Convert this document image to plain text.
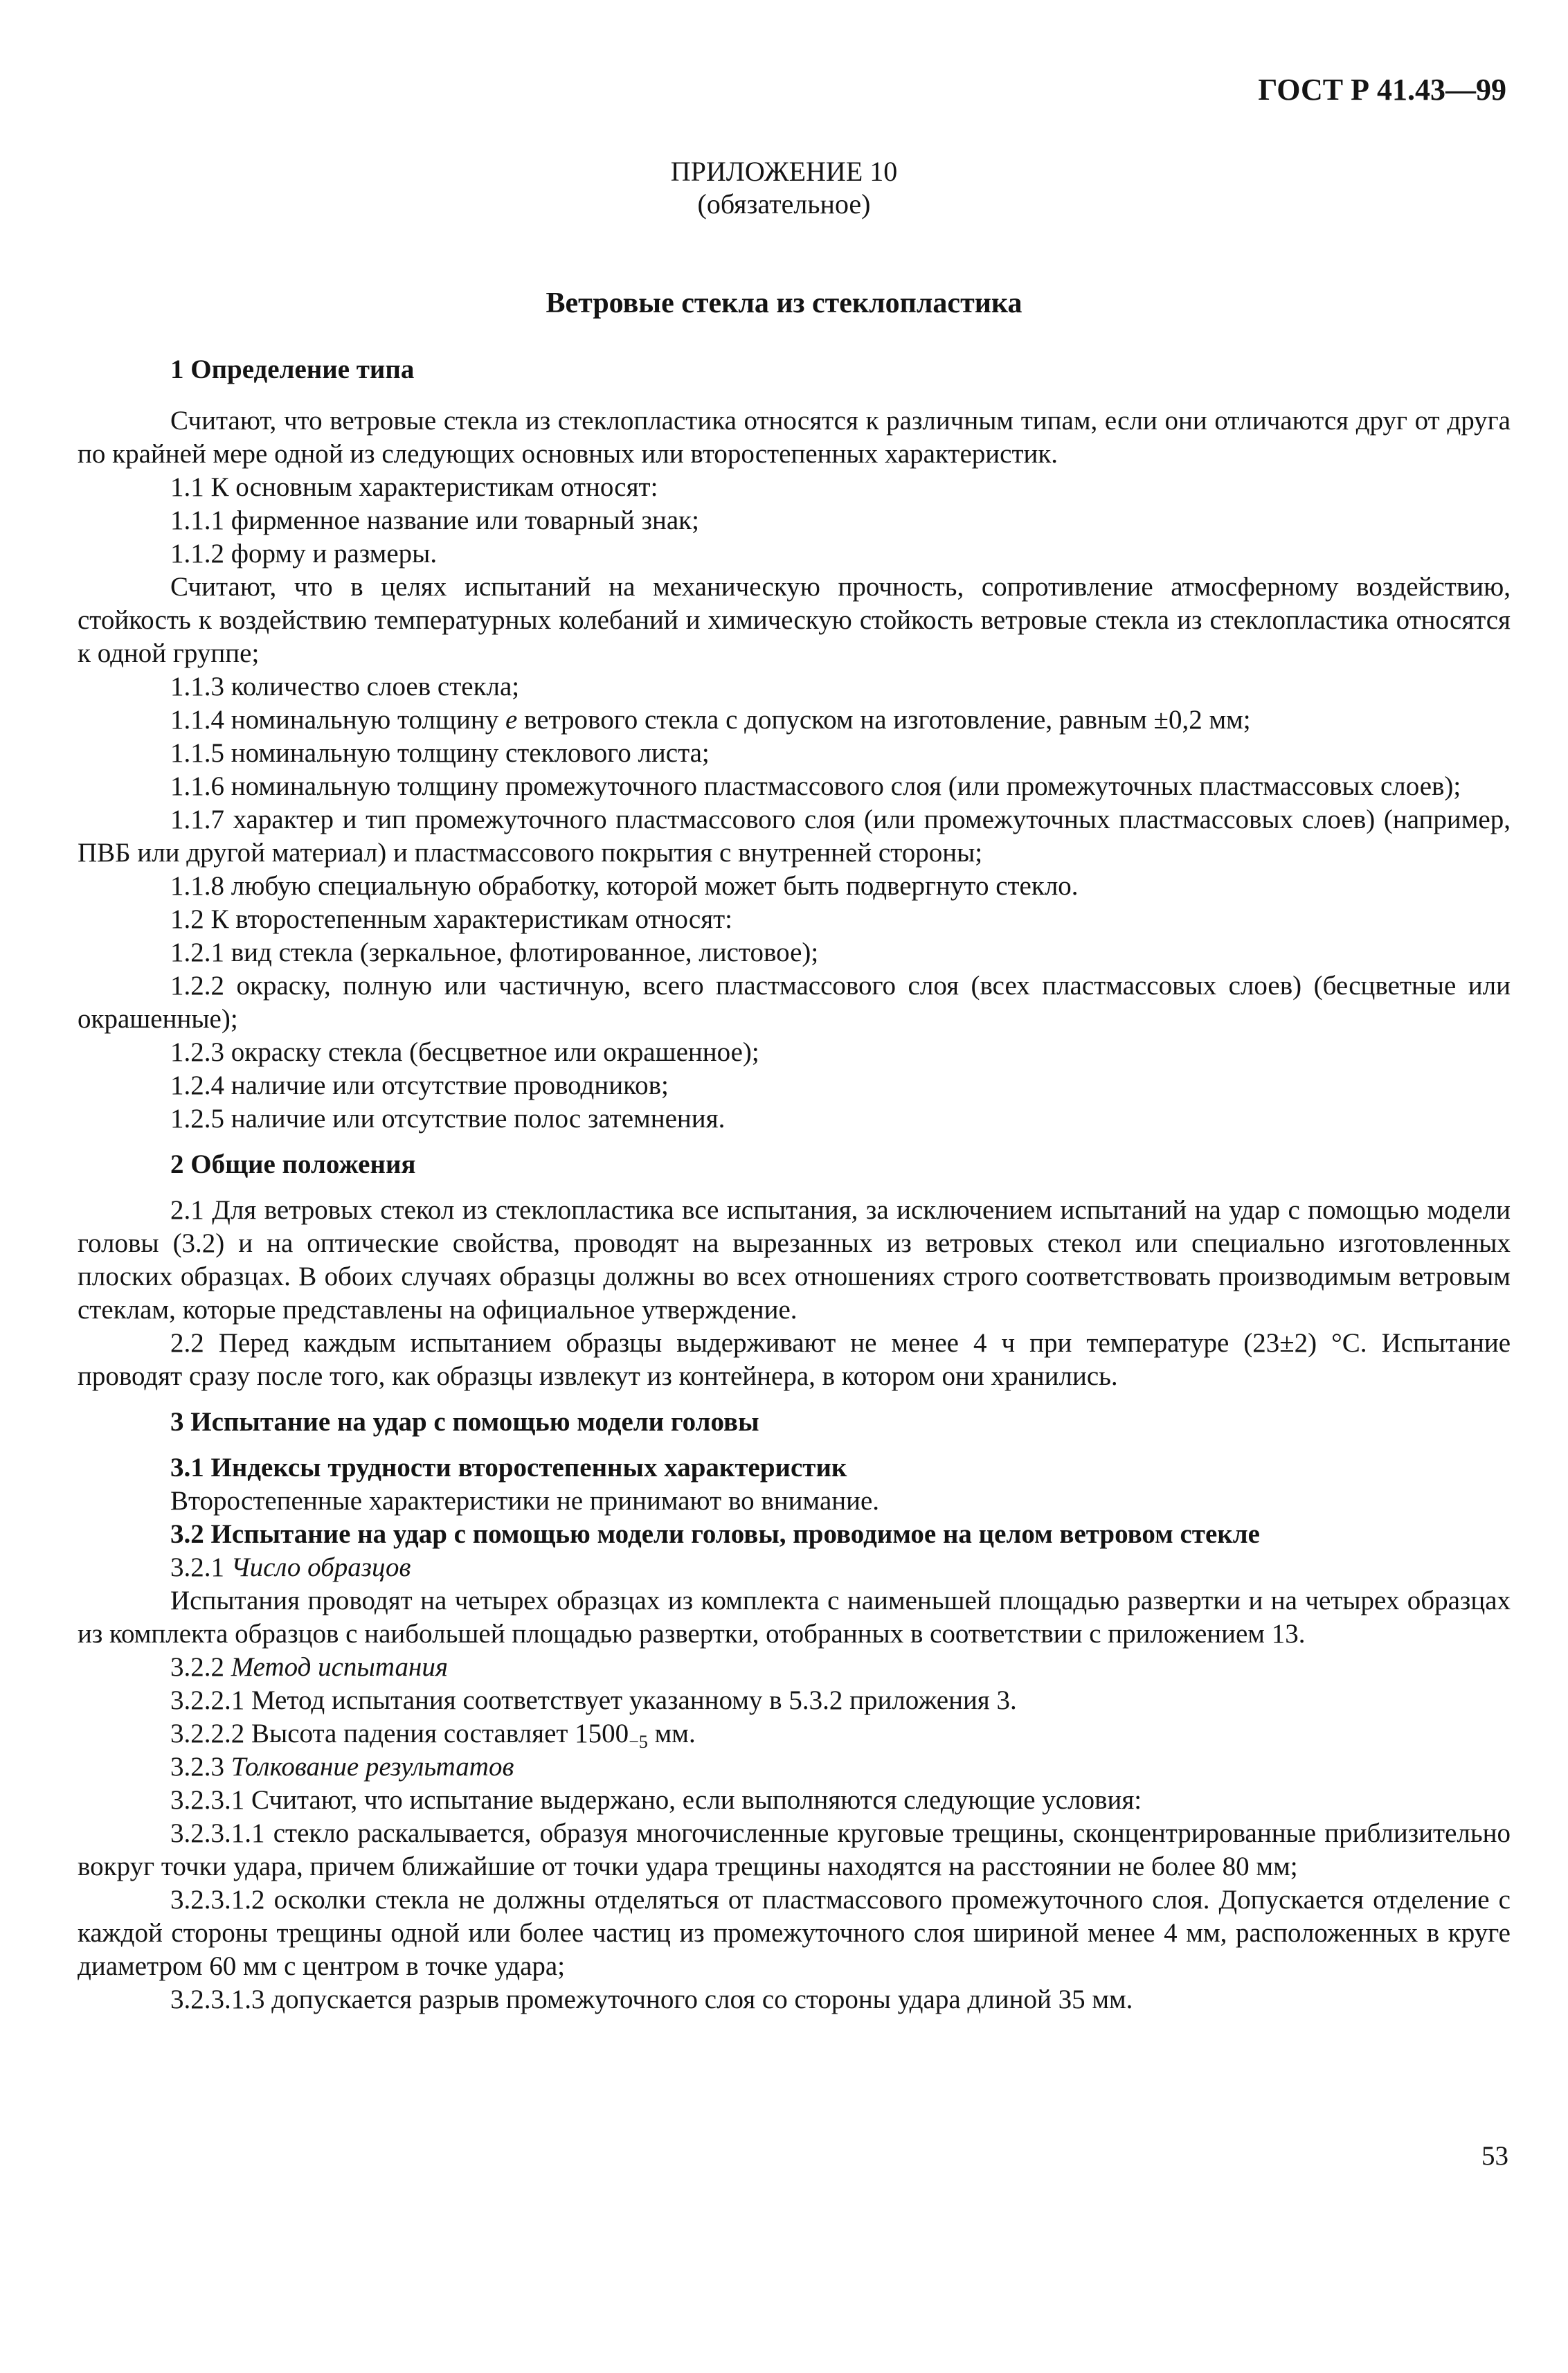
ГОСТ Р 41.43—99
ПРИЛОЖЕНИЕ 10
(обязательное)
Ветровые стекла из стеклопластика

1 Определение типа

Считают, что ветровые стекла из стеклопластика относятся к различным типам, если они отличаются друг от друга по крайней мере одной из следующих основных или второстепенных характеристик.

1.1 К основным характеристикам относят:

1.1.1 фирменное название или товарный знак;

1.1.2 форму и размеры.

Считают, что в целях испытаний на механическую прочность, сопротивление атмосферному воздействию, стойкость к воздействию температурных колебаний и химическую стойкость ветровые стекла из стеклопластика относятся к одной группе;

1.1.3 количество слоев стекла;

1.1.4 номинальную толщину e ветрового стекла с допуском на изготовление, равным ±0,2 мм;

1.1.5 номинальную толщину стеклового листа;

1.1.6 номинальную толщину промежуточного пластмассового слоя (или промежуточных пластмассовых слоев);

1.1.7 характер и тип промежуточного пластмассового слоя (или промежуточных пластмассовых слоев) (например, ПВБ или другой материал) и пластмассового покрытия с внутренней стороны;

1.1.8 любую специальную обработку, которой может быть подвергнуто стекло.

1.2 К второстепенным характеристикам относят:

1.2.1 вид стекла (зеркальное, флотированное, листовое);

1.2.2 окраску, полную или частичную, всего пластмассового слоя (всех пластмассовых слоев) (бесцветные или окрашенные);

1.2.3 окраску стекла (бесцветное или окрашенное);

1.2.4 наличие или отсутствие проводников;

1.2.5 наличие или отсутствие полос затемнения.

2 Общие положения

2.1 Для ветровых стекол из стеклопластика все испытания, за исключением испытаний на удар с помощью модели головы (3.2) и на оптические свойства, проводят на вырезанных из ветровых стекол или специально изготовленных плоских образцах. В обоих случаях образцы должны во всех отношениях строго соответствовать производимым ветровым стеклам, которые представлены на официальное утверждение.

2.2 Перед каждым испытанием образцы выдерживают не менее 4 ч при температуре (23±2) °С. Испытание проводят сразу после того, как образцы извлекут из контейнера, в котором они хранились.

3 Испытание на удар с помощью модели головы

3.1 Индексы трудности второстепенных характеристик

Второстепенные характеристики не принимают во внимание.

3.2 Испытание на удар с помощью модели головы, проводимое на целом ветровом стекле

3.2.1 Число образцов

Испытания проводят на четырех образцах из комплекта с наименьшей площадью развертки и на четырех образцах из комплекта образцов с наибольшей площадью развертки, отобранных в соответствии с приложением 13.

3.2.2 Метод испытания

3.2.2.1 Метод испытания соответствует указанному в 5.3.2 приложения 3.

3.2.2.2 Высота падения составляет $1500_{-5}$ мм.

3.2.3 Толкование результатов

3.2.3.1 Считают, что испытание выдержано, если выполняются следующие условия:

3.2.3.1.1 стекло раскалывается, образуя многочисленные круговые трещины, сконцентрированные приблизительно вокруг точки удара, причем ближайшие от точки удара трещины находятся на расстоянии не более 80 мм;

3.2.3.1.2 осколки стекла не должны отделяться от пластмассового промежуточного слоя. Допускается отделение с каждой стороны трещины одной или более частиц из промежуточного слоя шириной менее 4 мм, расположенных в круге диаметром 60 мм с центром в точке удара;

3.2.3.1.3 допускается разрыв промежуточного слоя со стороны удара длиной 35 мм.

53
